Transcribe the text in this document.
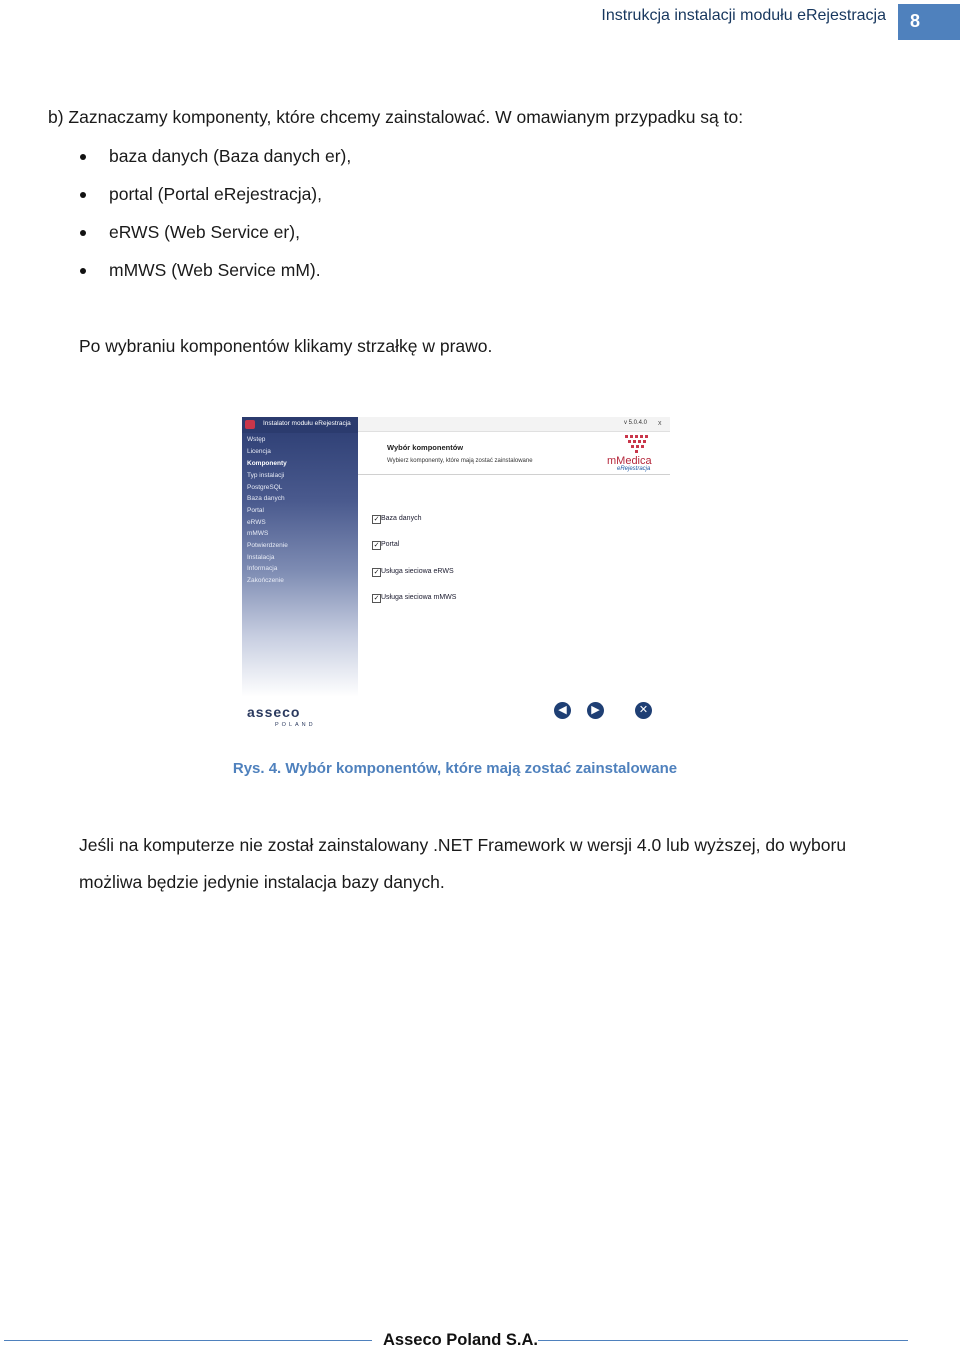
Instrukcja instalacji modułu eRejestracja	8
b) Zaznaczamy komponenty, które chcemy zainstalować. W omawianym przypadku są to:
baza danych (Baza danych er),
portal (Portal eRejestracja),
eRWS (Web Service er),
mMWS (Web Service mM).
Po wybraniu komponentów klikamy strzałkę w prawo.
Instalator modułu eRejestracja
Wstęp
Licencja
Komponenty
Typ instalacji
PostgreSQL
Baza danych
Portal
eRWS
mMWS
Potwierdzenie
Instalacja
Informacja
Zakończenie
v 5.0.4.0 x
Wybór komponentów
Wybierz komponenty, które mają zostać zainstalowane	mMedica
eRejestracja
✓ Baza danych
✓ Portal
✓ Usługa sieciowa eRWS
✓ Usługa sieciowa mMWS
◀	▶	✕
asseco
POLAND
Rys. 4. Wybór komponentów, które mają zostać zainstalowane
Jeśli na komputerze nie został zainstalowany .NET Framework w wersji 4.0 lub wyższej, do wyboru
możliwa będzie jedynie instalacja bazy danych.
Asseco Poland S.A.
